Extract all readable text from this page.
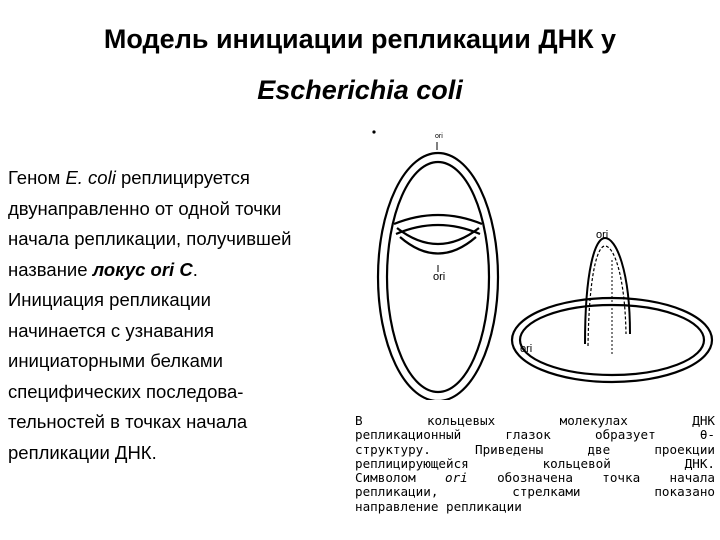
Модель инициации репликации ДНК у
Escherichia coli
Геном E. coli реплицируется двунаправленно от одной точки начала репликации, получившей название локус ori C. Инициация репликации начинается с узнавания инициаторными белками специфических последова-тельностей в точках начала репликации ДНК.
ori
ori
ori
ori
В кольцевых молекулах ДНК
репликационный глазок образует θ-
структуру. Приведены две проекции
реплицирующейся кольцевой ДНК.
Символом ori обозначена точка начала
репликации, стрелками показано
направление репликации
